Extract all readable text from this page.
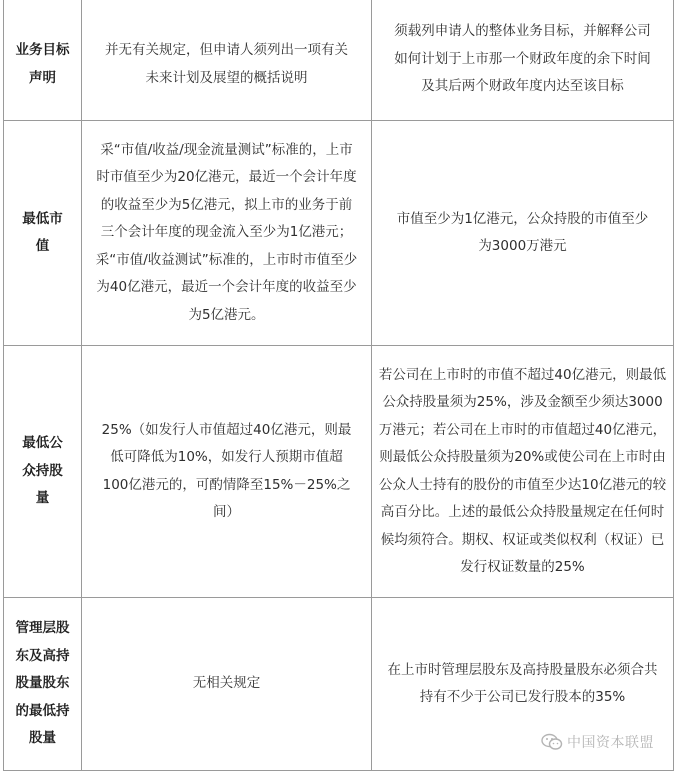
业务目标声明	并无有关规定，但申请人须列出一项有关未来计划及展望的概括说明	须载列申请人的整体业务目标，并解释公司如何计划于上市那一个财政年度的余下时间及其后两个财政年度内达至该目标
最低市值	采“市值/收益/现金流量测试”标准的，上市时市值至少为20亿港元，最近一个会计年度的收益至少为5亿港元，拟上市的业务于前三个会计年度的现金流入至少为1亿港元；采“市值/收益测试”标准的，上市时市值至少为40亿港元，最近一个会计年度的收益至少为5亿港元。	市值至少为1亿港元，公众持股的市值至少为3000万港元
最低公众持股量	25%（如发行人市值超过40亿港元，则最低可降低为10%，如发行人预期市值超100亿港元的，可酌情降至15%－25%之间）	若公司在上市时的市值不超过40亿港元，则最低公众持股量须为25%，涉及金额至少须达3000万港元；若公司在上市时的市值超过40亿港元，则最低公众持股量须为20%或使公司在上市时由公众人士持有的股份的市值至少达10亿港元的较高百分比。上述的最低公众持股量规定在任何时候均须符合。期权、权证或类似权利（权证）已发行权证数量的25%
管理层股东及高持股量股东的最低持股量	无相关规定	在上市时管理层股东及高持股量股东必须合共持有不少于公司已发行股本的35%
中国资本联盟
